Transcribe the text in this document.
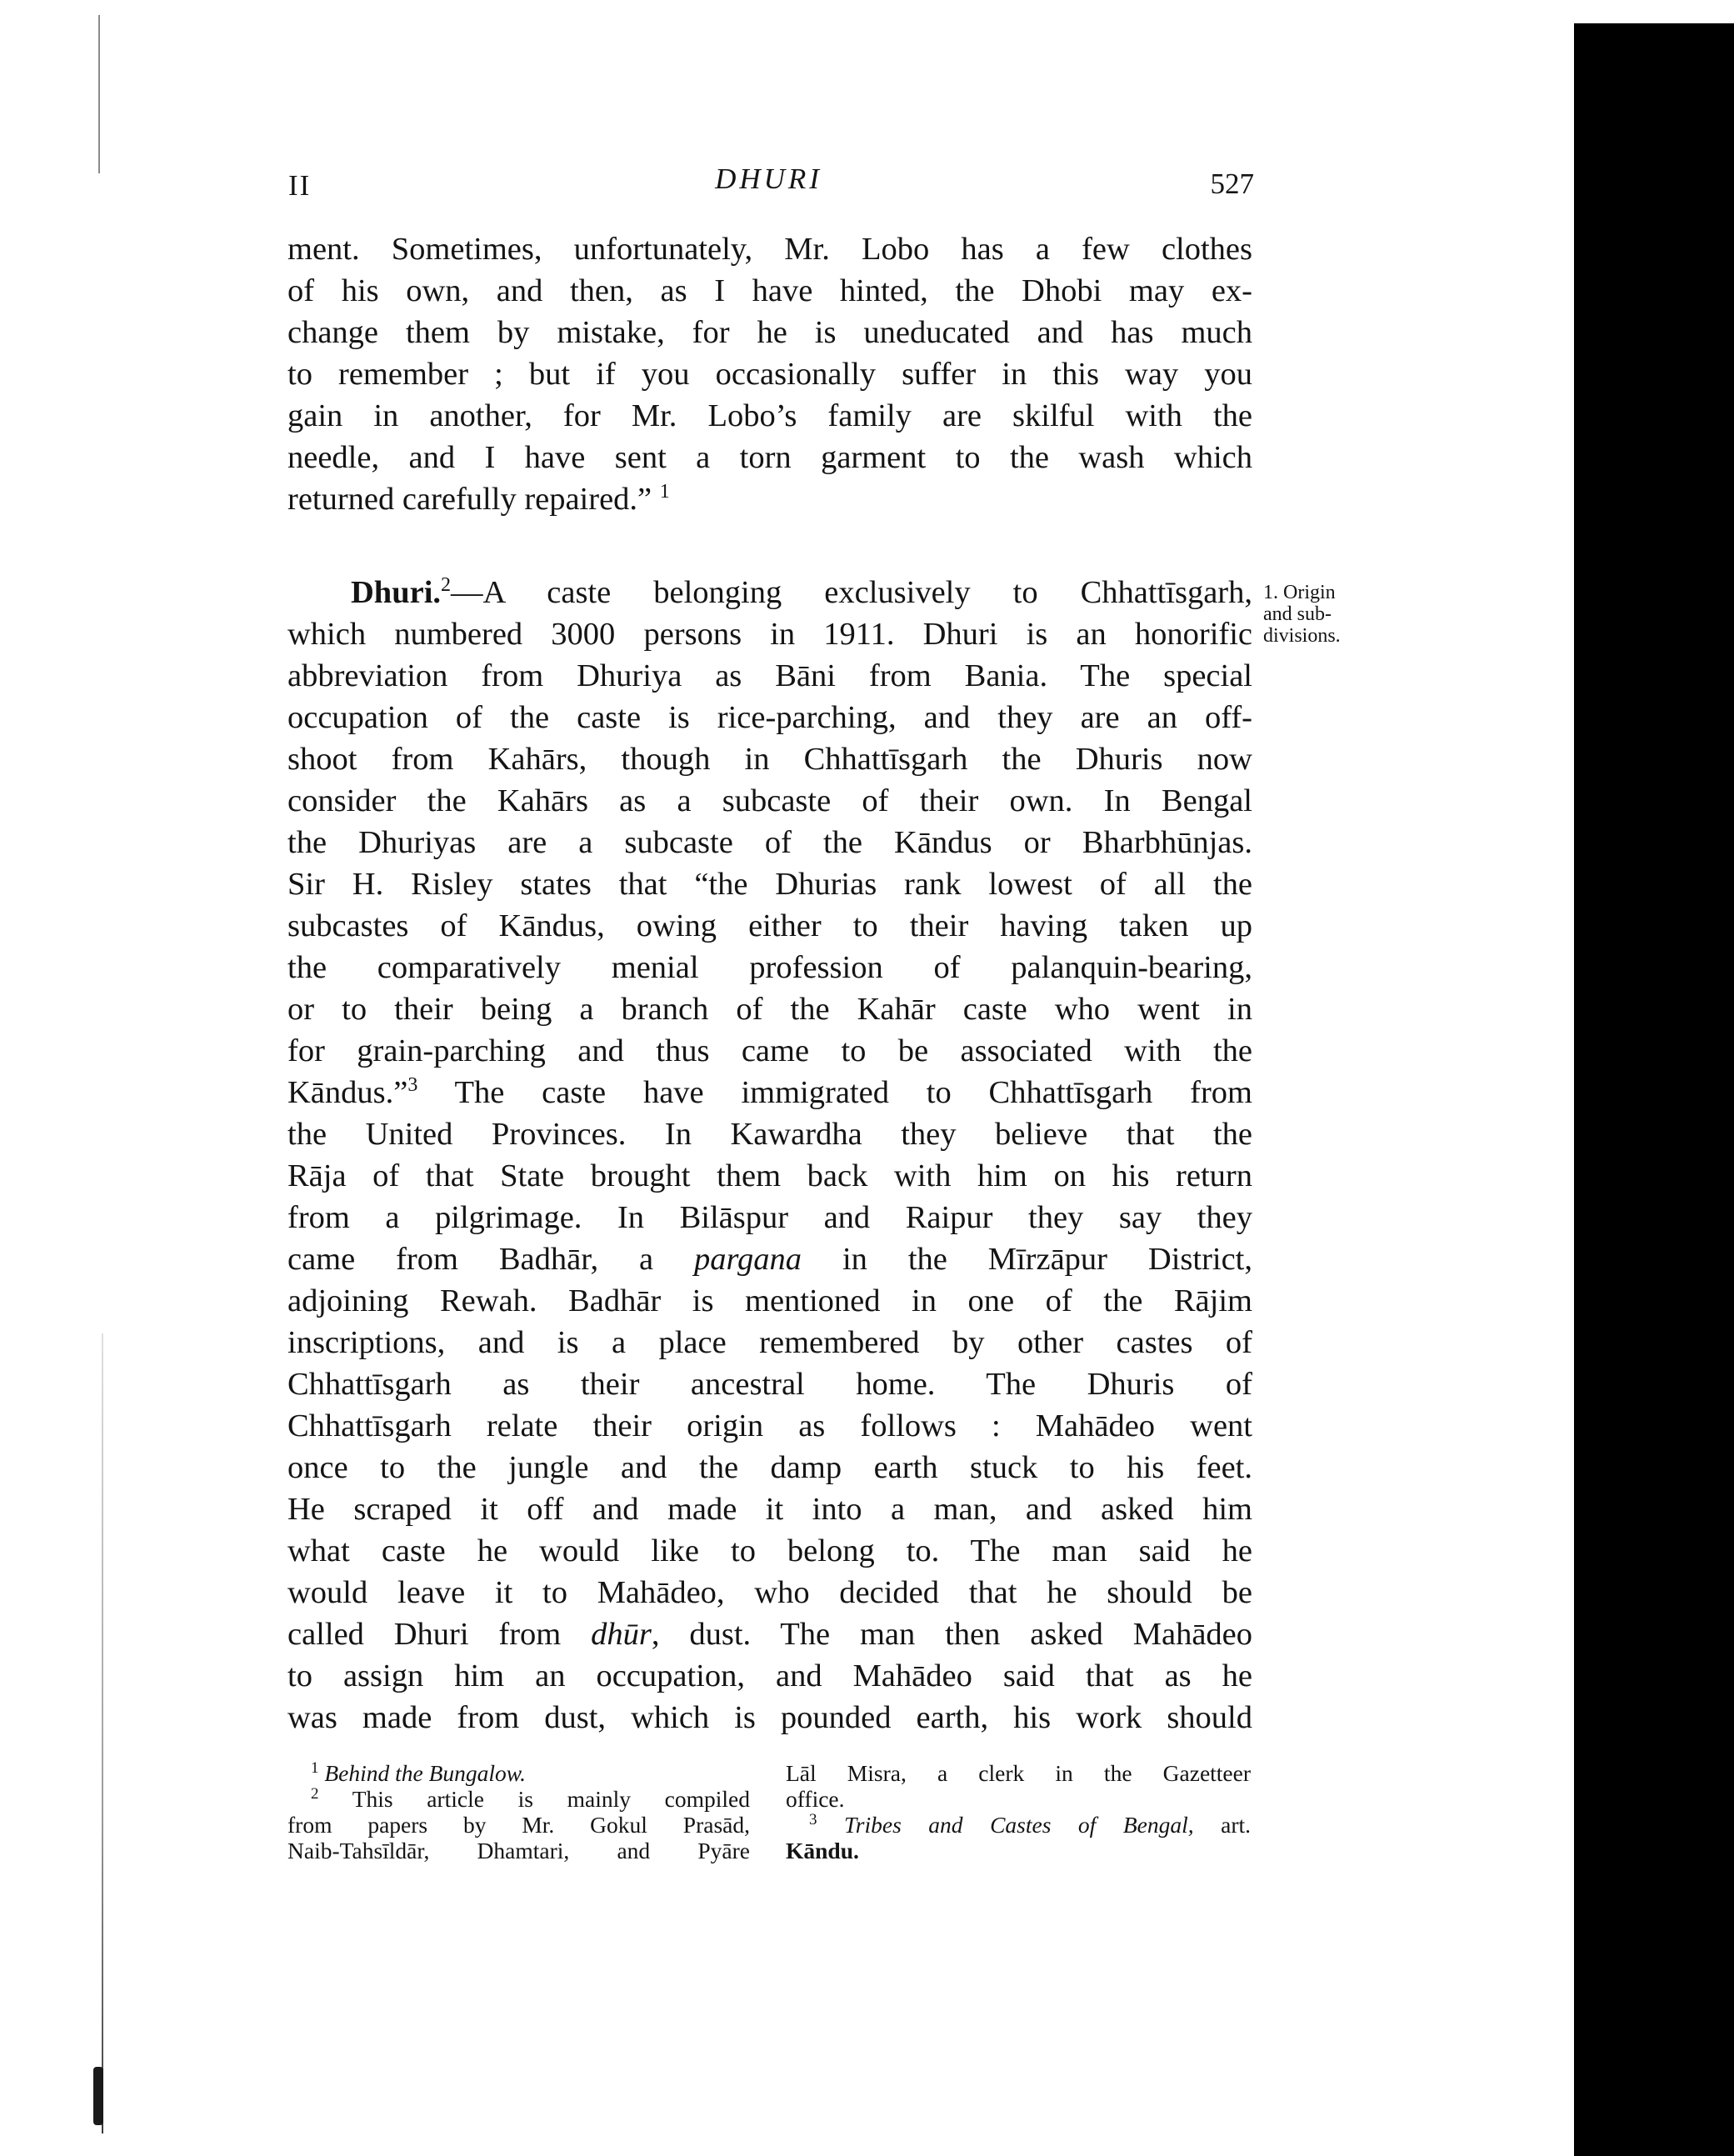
II	DHURI	527
ment. Sometimes, unfortunately, Mr. Lobo has a few clothes
of his own, and then, as I have hinted, the Dhobi may ex-
change them by mistake, for he is uneducated and has much
to remember ; but if you occasionally suffer in this way you
gain in another, for Mr. Lobo’s family are skilful with the
needle, and I have sent a torn garment to the wash which
returned carefully repaired.” $^1$
Dhuri.$^2$—A caste belonging exclusively to Chhattīsgarh,
which numbered 3000 persons in 1911. Dhuri is an honorific
abbreviation from Dhuriya as Bāni from Bania. The special
occupation of the caste is rice-parching, and they are an off-
shoot from Kahārs, though in Chhattīsgarh the Dhuris now
consider the Kahārs as a subcaste of their own. In Bengal
the Dhuriyas are a subcaste of the Kāndus or Bharbhūnjas.
Sir H. Risley states that “the Dhurias rank lowest of all the
subcastes of Kāndus, owing either to their having taken up
the comparatively menial profession of palanquin-bearing,
or to their being a branch of the Kahār caste who went in
for grain-parching and thus came to be associated with the
Kāndus.”$^3$ The caste have immigrated to Chhattīsgarh from
the United Provinces. In Kawardha they believe that the
Rāja of that State brought them back with him on his return
from a pilgrimage. In Bilāspur and Raipur they say they
came from Badhār, a pargana in the Mīrzāpur District,
adjoining Rewah. Badhār is mentioned in one of the Rājim
inscriptions, and is a place remembered by other castes of
Chhattīsgarh as their ancestral home. The Dhuris of
Chhattīsgarh relate their origin as follows : Mahādeo went
once to the jungle and the damp earth stuck to his feet.
He scraped it off and made it into a man, and asked him
what caste he would like to belong to. The man said he
would leave it to Mahādeo, who decided that he should be
called Dhuri from dhūr, dust. The man then asked Mahādeo
to assign him an occupation, and Mahādeo said that as he
was made from dust, which is pounded earth, his work should
1. Origin
and sub-
divisions.
$^1$ Behind the Bungalow.
$^2$ This article is mainly compiled
from papers by Mr. Gokul Prasād,
Naib-Tahsīldār, Dhamtari, and Pyāre
Lāl Misra, a clerk in the Gazetteer
office.
$^3$ Tribes and Castes of Bengal, art.
Kāndu.
